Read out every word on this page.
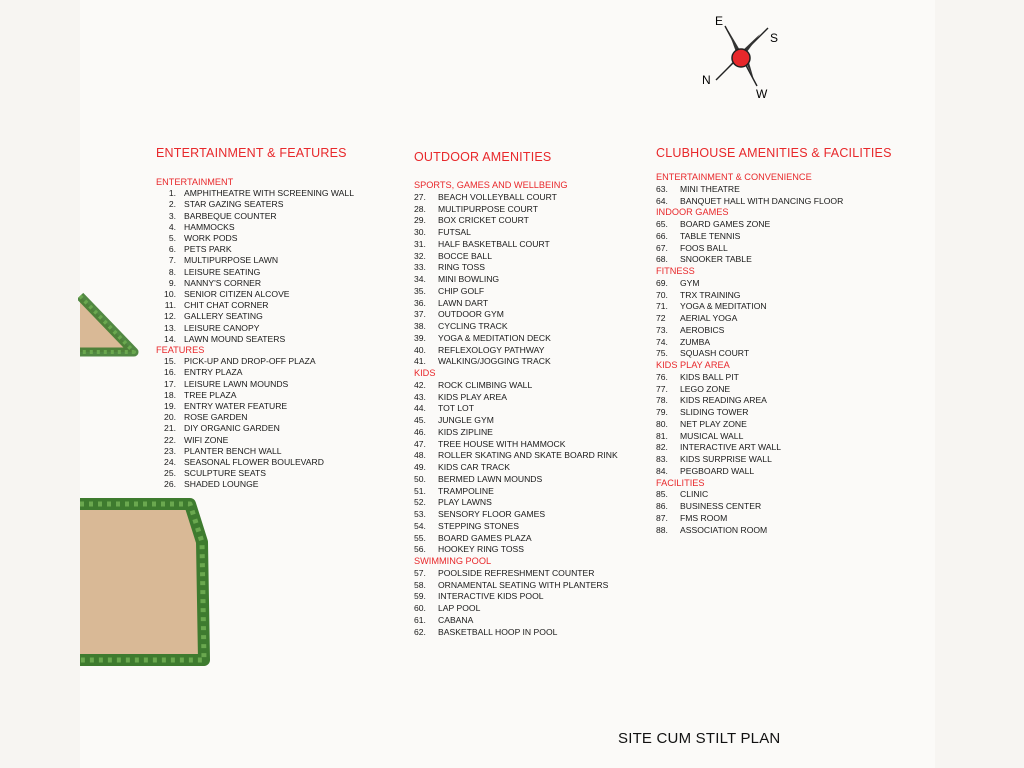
E
S
N
W
ENTERTAINMENT & FEATURES
ENTERTAINMENT
1. AMPHITHEATRE WITH SCREENING WALL
2. STAR GAZING SEATERS
3. BARBEQUE COUNTER
4. HAMMOCKS
5. WORK PODS
6. PETS PARK
7. MULTIPURPOSE LAWN
8. LEISURE SEATING
9. NANNY'S CORNER
10. SENIOR CITIZEN ALCOVE
11. CHIT CHAT CORNER
12. GALLERY SEATING
13. LEISURE CANOPY
14. LAWN MOUND SEATERS
FEATURES
15. PICK-UP AND DROP-OFF PLAZA
16. ENTRY PLAZA
17. LEISURE LAWN MOUNDS
18. TREE PLAZA
19. ENTRY WATER FEATURE
20. ROSE GARDEN
21. DIY ORGANIC GARDEN
22. WIFI ZONE
23. PLANTER BENCH WALL
24. SEASONAL FLOWER BOULEVARD
25. SCULPTURE SEATS
26. SHADED LOUNGE
OUTDOOR AMENITIES
SPORTS, GAMES AND WELLBEING
27. BEACH VOLLEYBALL COURT
28. MULTIPURPOSE COURT
29. BOX CRICKET COURT
30. FUTSAL
31. HALF BASKETBALL COURT
32. BOCCE BALL
33. RING TOSS
34. MINI BOWLING
35. CHIP GOLF
36. LAWN DART
37. OUTDOOR GYM
38. CYCLING TRACK
39. YOGA & MEDITATION DECK
40. REFLEXOLOGY PATHWAY
41. WALKING/JOGGING TRACK
KIDS
42. ROCK CLIMBING WALL
43. KIDS PLAY AREA
44. TOT LOT
45. JUNGLE GYM
46. KIDS ZIPLINE
47. TREE HOUSE WITH HAMMOCK
48. ROLLER SKATING AND SKATE BOARD RINK
49. KIDS CAR TRACK
50. BERMED LAWN MOUNDS
51. TRAMPOLINE
52. PLAY LAWNS
53. SENSORY FLOOR GAMES
54. STEPPING STONES
55. BOARD GAMES PLAZA
56. HOOKEY RING TOSS
SWIMMING POOL
57. POOLSIDE REFRESHMENT COUNTER
58. ORNAMENTAL SEATING WITH PLANTERS
59. INTERACTIVE KIDS POOL
60. LAP POOL
61. CABANA
62. BASKETBALL HOOP IN POOL
CLUBHOUSE AMENITIES & FACILITIES
ENTERTAINMENT & CONVENIENCE
63. MINI THEATRE
64. BANQUET HALL WITH DANCING FLOOR
INDOOR GAMES
65. BOARD GAMES ZONE
66. TABLE TENNIS
67. FOOS BALL
68. SNOOKER TABLE
FITNESS
69. GYM
70. TRX TRAINING
71. YOGA & MEDITATION
72 AERIAL YOGA
73. AEROBICS
74. ZUMBA
75. SQUASH COURT
KIDS PLAY AREA
76. KIDS BALL PIT
77. LEGO ZONE
78. KIDS READING AREA
79. SLIDING TOWER
80. NET PLAY ZONE
81. MUSICAL WALL
82. INTERACTIVE ART WALL
83. KIDS SURPRISE WALL
84. PEGBOARD WALL
FACILITIES
85. CLINIC
86. BUSINESS CENTER
87. FMS ROOM
88. ASSOCIATION ROOM
SITE CUM STILT PLAN
